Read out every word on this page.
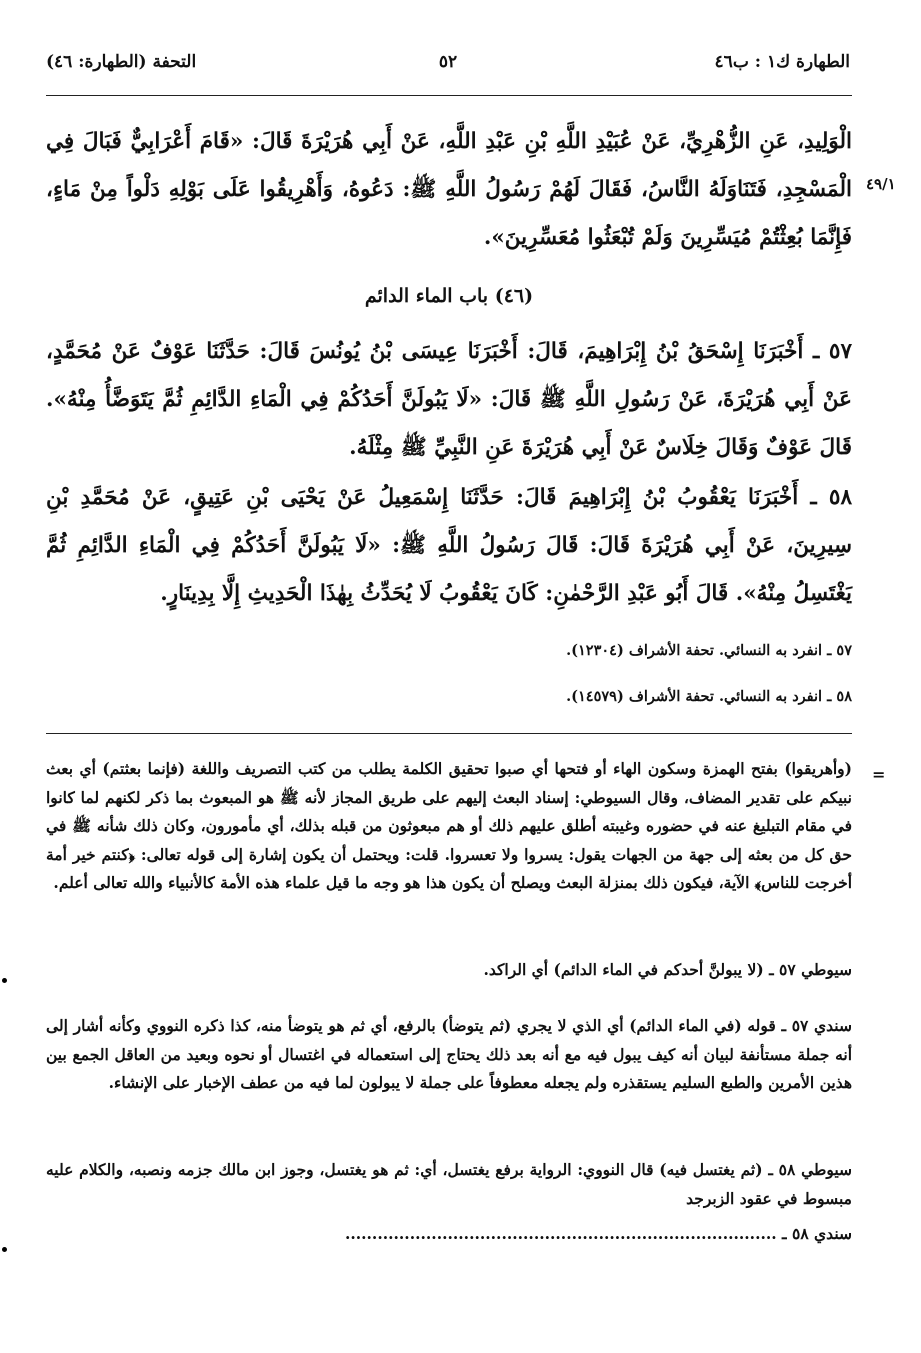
الطهارة ك١ : ب٤٦
٥٢
التحفة (الطهارة: ٤٦)
٤٩/١
الْوَلِيدِ، عَنِ الزُّهْرِيِّ، عَنْ عُبَيْدِ اللَّهِ بْنِ عَبْدِ اللَّهِ، عَنْ أَبِي هُرَيْرَةَ قَالَ: «قَامَ أَعْرَابِيٌّ فَبَالَ فِي الْمَسْجِدِ، فَتَنَاوَلَهُ النَّاسُ، فَقَالَ لَهُمْ رَسُولُ اللَّهِ ﷺ: دَعُوهُ، وَأَهْرِيقُوا عَلَى بَوْلِهِ دَلْواً مِنْ مَاءٍ، فَإِنَّمَا بُعِثْتُمْ مُيَسِّرِينَ وَلَمْ تُبْعَثُوا مُعَسِّرِينَ».
(٤٦) باب الماء الدائم
٥٧ ـ أَخْبَرَنَا إِسْحَقُ بْنُ إِبْرَاهِيمَ، قَالَ: أَخْبَرَنَا عِيسَى بْنُ يُونُسَ قَالَ: حَدَّثَنَا عَوْفٌ عَنْ مُحَمَّدٍ، عَنْ أَبِي هُرَيْرَةَ، عَنْ رَسُولِ اللَّهِ ﷺ قَالَ: «لَا يَبُولَنَّ أَحَدُكُمْ فِي الْمَاءِ الدَّائِمِ ثُمَّ يَتَوَضَّأُ مِنْهُ». قَالَ عَوْفٌ وَقَالَ خِلَاسٌ عَنْ أَبِي هُرَيْرَةَ عَنِ النَّبِيِّ ﷺ مِثْلَهُ.
٥٨ ـ أَخْبَرَنَا يَعْقُوبُ بْنُ إِبْرَاهِيمَ قَالَ: حَدَّثَنَا إِسْمَعِيلُ عَنْ يَحْيَى بْنِ عَتِيقٍ، عَنْ مُحَمَّدِ بْنِ سِيرِينَ، عَنْ أَبِي هُرَيْرَةَ قَالَ: قَالَ رَسُولُ اللَّهِ ﷺ: «لَا يَبُولَنَّ أَحَدُكُمْ فِي الْمَاءِ الدَّائِمِ ثُمَّ يَغْتَسِلُ مِنْهُ». قَالَ أَبُو عَبْدِ الرَّحْمٰنِ: كَانَ يَعْقُوبُ لَا يُحَدِّثُ بِهٰذَا الْحَدِيثِ إِلَّا بِدِينَارٍ.
٥٧ ـ انفرد به النسائي. تحفة الأشراف (١٢٣٠٤).
٥٨ ـ انفرد به النسائي. تحفة الأشراف (١٤٥٧٩).
=
(وأهريقوا) بفتح الهمزة وسكون الهاء أو فتحها أي صبوا تحقيق الكلمة يطلب من كتب التصريف واللغة (فإنما بعثتم) أي بعث نبيكم على تقدير المضاف، وقال السيوطي: إسناد البعث إليهم على طريق المجاز لأنه ﷺ هو المبعوث بما ذكر لكنهم لما كانوا في مقام التبليغ عنه في حضوره وغيبته أطلق عليهم ذلك أو هم مبعوثون من قبله بذلك، أي مأمورون، وكان ذلك شأنه ﷺ في حق كل من بعثه إلى جهة من الجهات يقول: يسروا ولا تعسروا. قلت: ويحتمل أن يكون إشارة إلى قوله تعالى: ﴿كنتم خير أمة أخرجت للناس﴾ الآية، فيكون ذلك بمنزلة البعث ويصلح أن يكون هذا هو وجه ما قيل علماء هذه الأمة كالأنبياء والله تعالى أعلم.
سيوطي ٥٧ ـ (لا يبولنَّ أحدكم في الماء الدائم) أي الراكد.
سندي ٥٧ ـ قوله (في الماء الدائم) أي الذي لا يجري (ثم يتوضأ) بالرفع، أي ثم هو يتوضأ منه، كذا ذكره النووي وكأنه أشار إلى أنه جملة مستأنفة لبيان أنه كيف يبول فيه مع أنه بعد ذلك يحتاج إلى استعماله في اغتسال أو نحوه وبعيد من العاقل الجمع بين هذين الأمرين والطبع السليم يستقذره ولم يجعله معطوفاً على جملة لا يبولون لما فيه من عطف الإخبار على الإنشاء.
سيوطي ٥٨ ـ (ثم يغتسل فيه) قال النووي: الرواية برفع يغتسل، أي: ثم هو يغتسل، وجوز ابن مالك جزمه ونصبه، والكلام عليه مبسوط في عقود الزبرجد
سندي ٥٨ ـ ................................................................................
